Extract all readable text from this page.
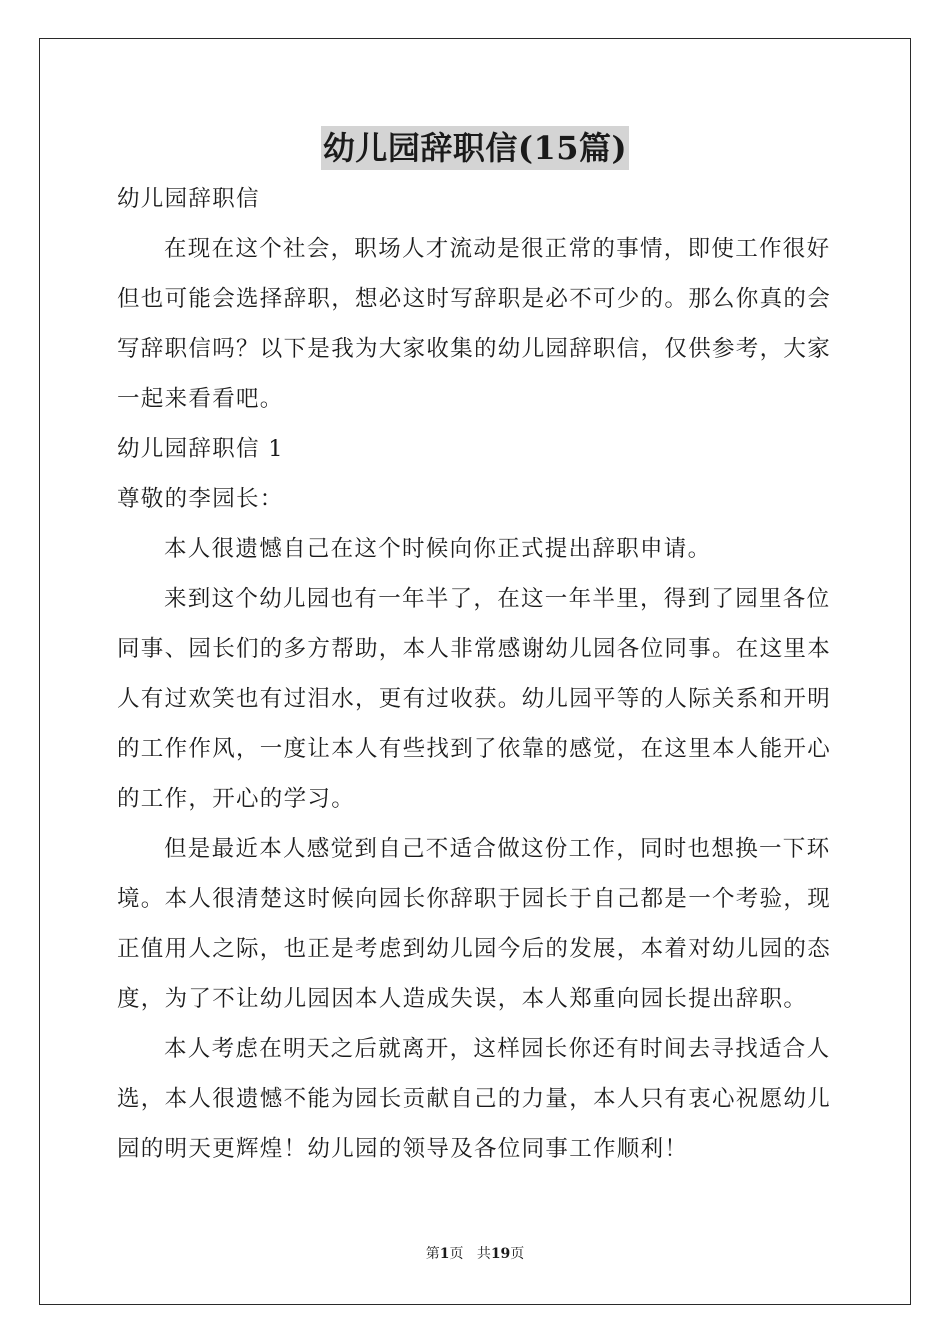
幼儿园辞职信(15篇)
幼儿园辞职信
在现在这个社会，职场人才流动是很正常的事情，即使工作很好
但也可能会选择辞职，想必这时写辞职是必不可少的。那么你真的会
写辞职信吗？以下是我为大家收集的幼儿园辞职信，仅供参考，大家
一起来看看吧。
幼儿园辞职信 1
尊敬的李园长：
本人很遗憾自己在这个时候向你正式提出辞职申请。
来到这个幼儿园也有一年半了，在这一年半里，得到了园里各位
同事、园长们的多方帮助，本人非常感谢幼儿园各位同事。在这里本
人有过欢笑也有过泪水，更有过收获。幼儿园平等的人际关系和开明
的工作作风，一度让本人有些找到了依靠的感觉，在这里本人能开心
的工作，开心的学习。
但是最近本人感觉到自己不适合做这份工作，同时也想换一下环
境。本人很清楚这时候向园长你辞职于园长于自己都是一个考验，现
正值用人之际，也正是考虑到幼儿园今后的发展，本着对幼儿园的态
度，为了不让幼儿园因本人造成失误，本人郑重向园长提出辞职。
本人考虑在明天之后就离开，这样园长你还有时间去寻找适合人
选，本人很遗憾不能为园长贡献自己的力量，本人只有衷心祝愿幼儿
园的明天更辉煌！幼儿园的领导及各位同事工作顺利！
第1页 共19页
